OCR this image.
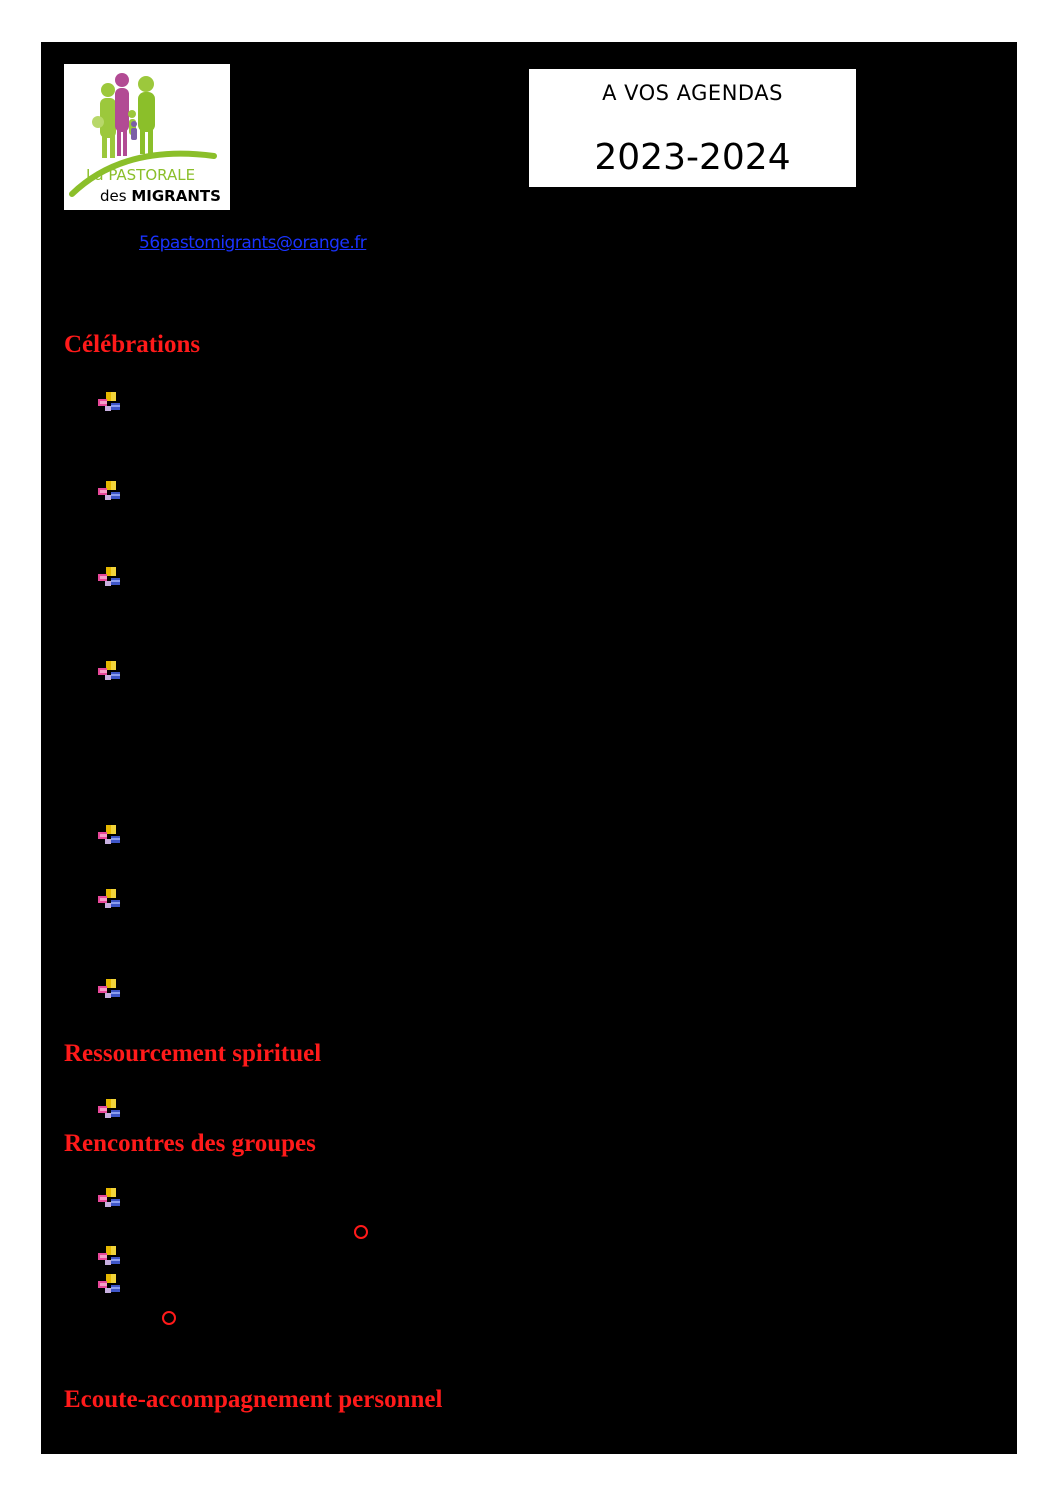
La PASTORALE
des MIGRANTS
A VOS AGENDAS
2023-2024
56pastomigrants@orange.fr
Célébrations
Ressourcement spirituel
Rencontres des groupes
Ecoute-accompagnement personnel
